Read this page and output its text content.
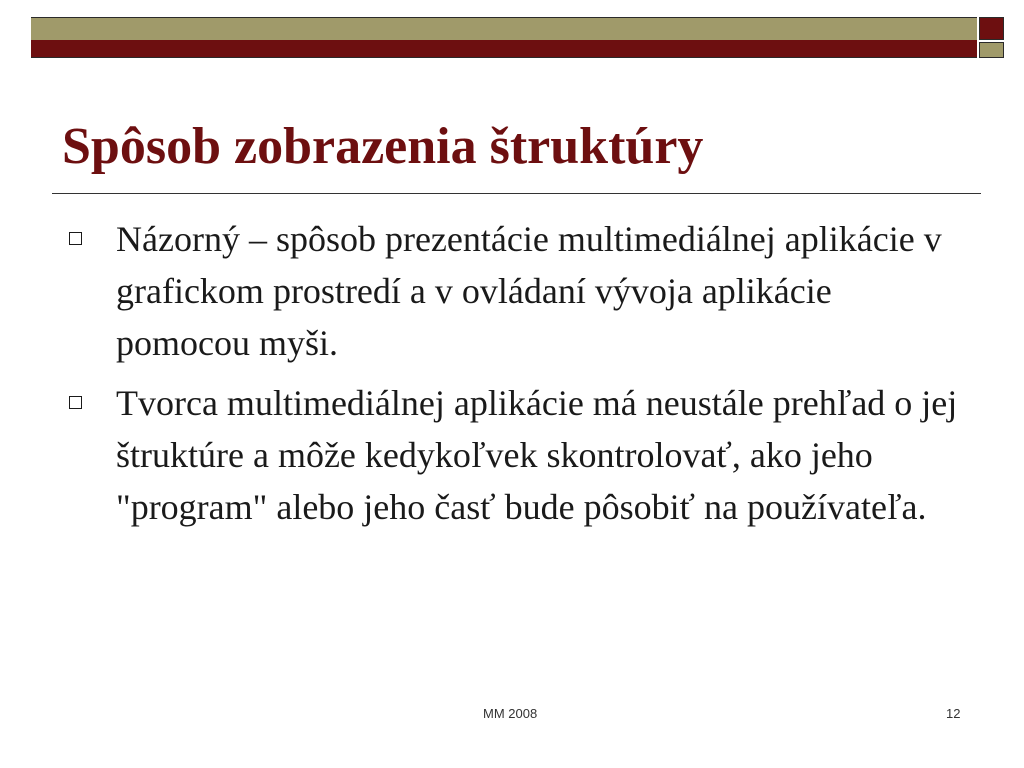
Spôsob zobrazenia štruktúry
Názorný – spôsob prezentácie multimediálnej aplikácie v grafickom prostredí a v ovládaní vývoja aplikácie pomocou myši.
Tvorca multimediálnej aplikácie má neustále prehľad o jej štruktúre a môže kedykoľvek skontrolovať, ako jeho "program" alebo jeho časť bude pôsobiť na používateľa.
MM 2008	12
